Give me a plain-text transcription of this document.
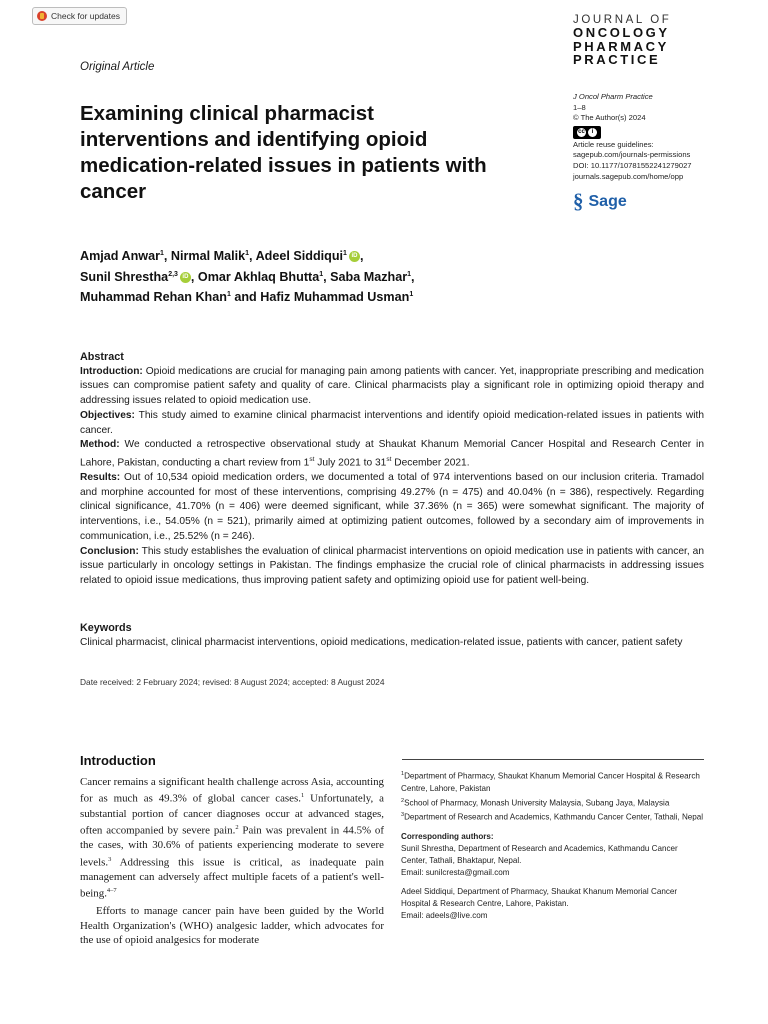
Check for updates
Original Article
JOURNAL OF
ONCOLOGY
PHARMACY
PRACTICE
J Oncol Pharm Practice
1–8
© The Author(s) 2024
cc	i
Article reuse guidelines:
sagepub.com/journals-permissions
DOI: 10.1177/10781552241279027
journals.sagepub.com/home/opp
§ Sage
Examining clinical pharmacist interventions and identifying opioid medication-related issues in patients with cancer
Amjad Anwar$^1$, Nirmal Malik$^1$, Adeel Siddiqui$^1$ iD ,
Sunil Shrestha$^{2,3}$ iD , Omar Akhlaq Bhutta$^1$, Saba Mazhar$^1$,
Muhammad Rehan Khan$^1$ and Hafiz Muhammad Usman$^1$
Abstract

Introduction: Opioid medications are crucial for managing pain among patients with cancer. Yet, inappropriate prescribing and medication issues can compromise patient safety and quality of care. Clinical pharmacists play a significant role in optimizing opioid therapy and addressing issues related to opioid medication use.

Objectives: This study aimed to examine clinical pharmacist interventions and identify opioid medication-related issues in patients with cancer.

Method: We conducted a retrospective observational study at Shaukat Khanum Memorial Cancer Hospital and Research Center in Lahore, Pakistan, conducting a chart review from 1st July 2021 to 31st December 2021.

Results: Out of 10,534 opioid medication orders, we documented a total of 974 interventions based on our inclusion criteria. Tramadol and morphine accounted for most of these interventions, comprising 49.27% (n = 475) and 40.04% (n = 386), respectively. Regarding clinical significance, 41.70% (n = 406) were deemed significant, while 37.36% (n = 365) were somewhat significant. The majority of interventions, i.e., 54.05% (n = 521), primarily aimed at optimizing patient outcomes, followed by a secondary aim of improvements in communication, i.e., 25.52% (n = 246).

Conclusion: This study establishes the evaluation of clinical pharmacist interventions on opioid medication use in patients with cancer, an issue particularly in oncology settings in Pakistan. The findings emphasize the crucial role of clinical pharmacists in addressing issues related to opioid issue medications, thus improving patient safety and optimizing opioid use for patient well-being.

Keywords

Clinical pharmacist, clinical pharmacist interventions, opioid medications, medication-related issue, patients with cancer, patient safety

Date received: 2 February 2024; revised: 8 August 2024; accepted: 8 August 2024
Introduction

Cancer remains a significant health challenge across Asia, accounting for as much as 49.3% of global cancer cases.$^1$ Unfortunately, a substantial portion of cancer diagnoses occur at advanced stages, often accompanied by severe pain.$^2$ Pain was prevalent in 44.5% of the cases, with 30.6% of patients experiencing moderate to severe levels.$^3$ Addressing this issue is critical, as inadequate pain management can adversely affect multiple facets of a patient's well-being.$^{4-7}$

Efforts to manage cancer pain have been guided by the World Health Organization's (WHO) analgesic ladder, which advocates for the use of opioid analgesics for moderate

$^1$Department of Pharmacy, Shaukat Khanum Memorial Cancer Hospital & Research Centre, Lahore, Pakistan

$^2$School of Pharmacy, Monash University Malaysia, Subang Jaya, Malaysia

$^3$Department of Research and Academics, Kathmandu Cancer Center, Tathali, Nepal

Corresponding authors:

Sunil Shrestha, Department of Research and Academics, Kathmandu Cancer Center, Tathali, Bhaktapur, Nepal.

Email: sunilcresta@gmail.com

Adeel Siddiqui, Department of Pharmacy, Shaukat Khanum Memorial Cancer Hospital & Research Centre, Lahore, Pakistan.

Email: adeels@live.com
